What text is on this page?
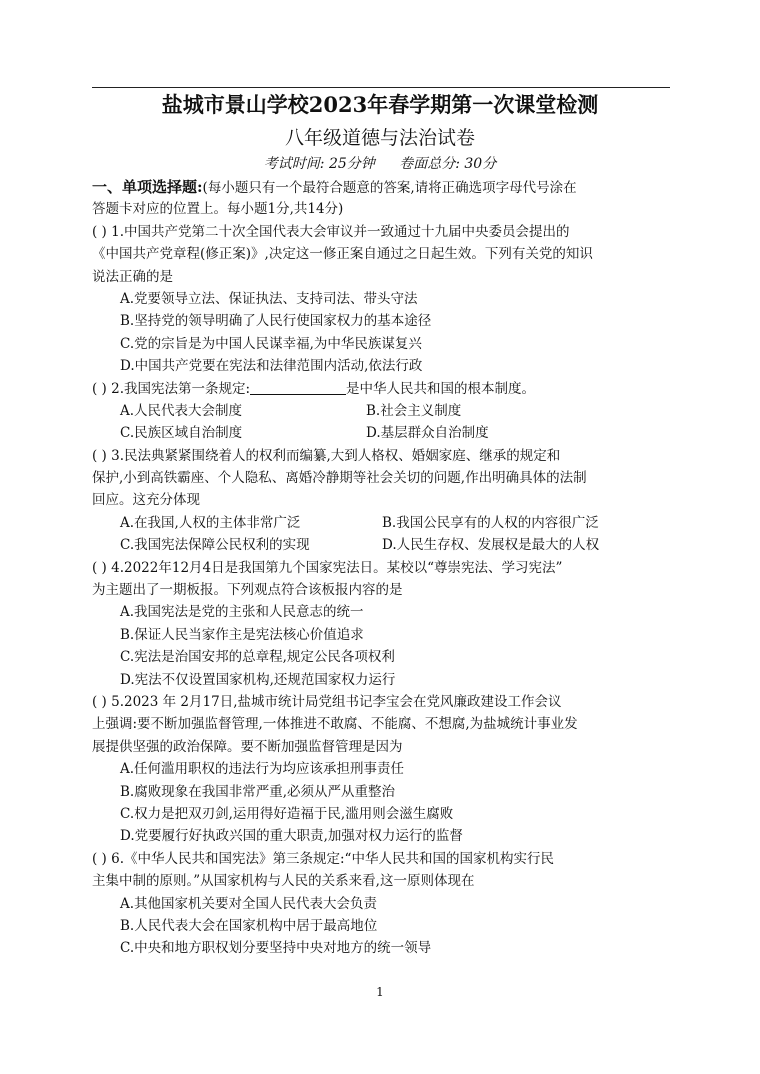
盐城市景山学校2023年春学期第一次课堂检测
八年级道德与法治试卷
考试时间: 25分钟 卷面总分: 30分
一、单项选择题:(每小题只有一个最符合题意的答案,请将正确选项字母代号涂在
答题卡对应的位置上。每小题1分,共14分)
( ) 1.中国共产党第二十次全国代表大会审议并一致通过十九届中央委员会提出的
《中国共产党章程(修正案)》,决定这一修正案自通过之日起生效。下列有关党的知识
说法正确的是
A.党要领导立法、保证执法、支持司法、带头守法
B.坚持党的领导明确了人民行使国家权力的基本途径
C.党的宗旨是为中国人民谋幸福,为中华民族谋复兴
D.中国共产党要在宪法和法律范围内活动,依法行政
( ) 2.我国宪法第一条规定:	是中华人民共和国的根本制度。
A.人民代表大会制度	B.社会主义制度
C.民族区域自治制度	D.基层群众自治制度
( ) 3.民法典紧紧围绕着人的权利而编纂,大到人格权、婚姻家庭、继承的规定和
保护,小到高铁霸座、个人隐私、离婚冷静期等社会关切的问题,作出明确具体的法制
回应。这充分体现
A.在我国,人权的主体非常广泛	B.我国公民享有的人权的内容很广泛
C.我国宪法保障公民权利的实现	D.人民生存权、发展权是最大的人权
( ) 4.2022年12月4日是我国第九个国家宪法日。某校以“尊崇宪法、学习宪法”
为主题出了一期板报。下列观点符合该板报内容的是
A.我国宪法是党的主张和人民意志的统一
B.保证人民当家作主是宪法核心价值追求
C.宪法是治国安邦的总章程,规定公民各项权利
D.宪法不仅设置国家机构,还规范国家权力运行
( ) 5.2023 年 2月17日,盐城市统计局党组书记李宝会在党风廉政建设工作会议
上强调:要不断加强监督管理,一体推进不敢腐、不能腐、不想腐,为盐城统计事业发
展提供坚强的政治保障。要不断加强监督管理是因为
A.任何滥用职权的违法行为均应该承担刑事责任
B.腐败现象在我国非常严重,必须从严从重整治
C.权力是把双刃剑,运用得好造福于民,滥用则会滋生腐败
D.党要履行好执政兴国的重大职责,加强对权力运行的监督
( ) 6.《中华人民共和国宪法》第三条规定:“中华人民共和国的国家机构实行民
主集中制的原则。”从国家机构与人民的关系来看,这一原则体现在
A.其他国家机关要对全国人民代表大会负责
B.人民代表大会在国家机构中居于最高地位
C.中央和地方职权划分要坚持中央对地方的统一领导
1
